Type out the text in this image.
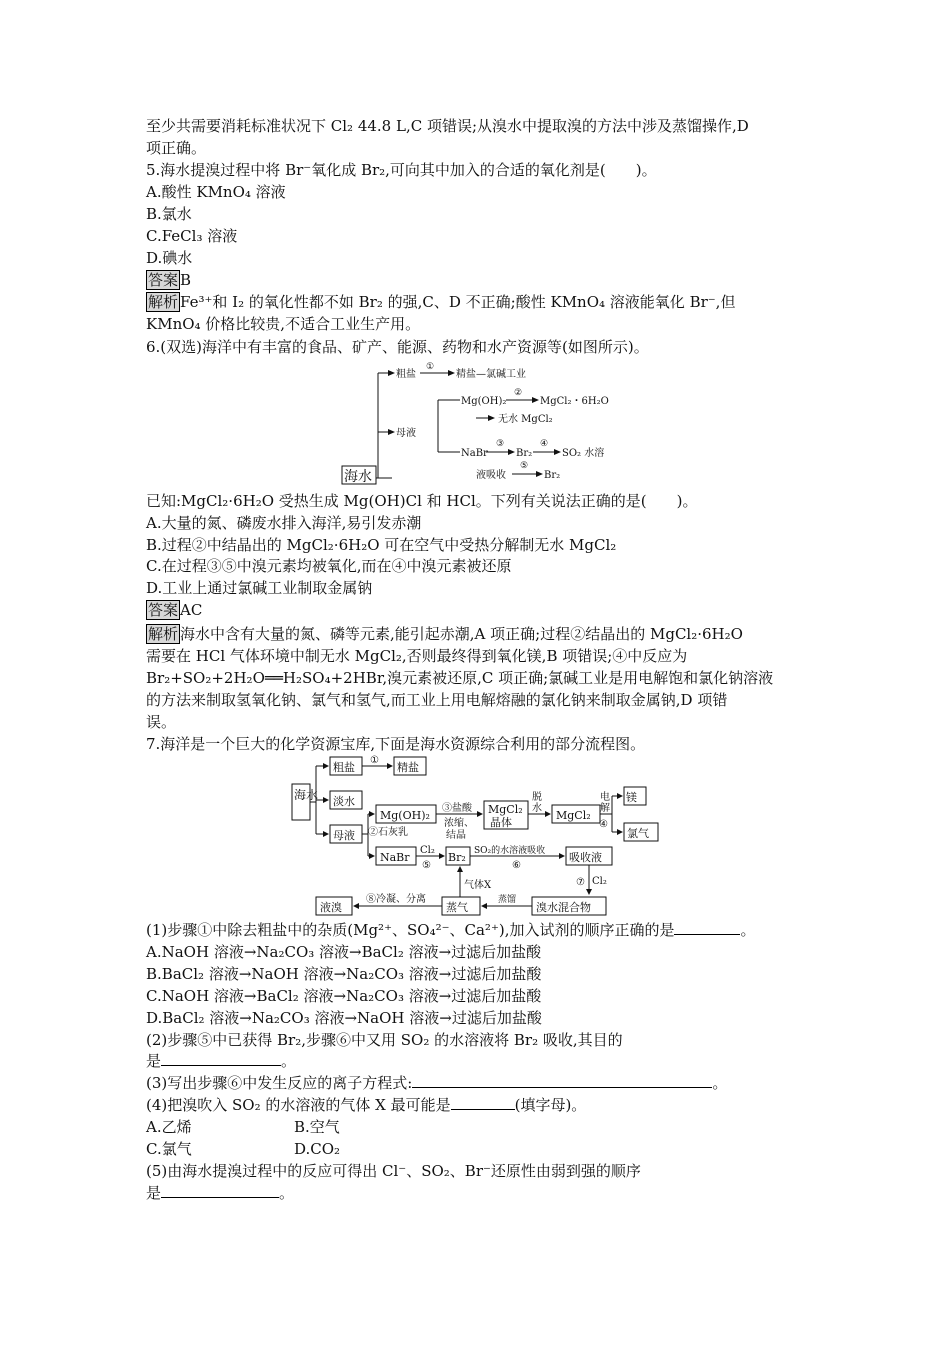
至少共需要消耗标准状况下 Cl₂ 44.8 L,C 项错误;从溴水中提取溴的方法中涉及蒸馏操作,D
项正确。
5.海水提溴过程中将 Br⁻氧化成 Br₂,可向其中加入的合适的氧化剂是(　　)。
A.酸性 KMnO₄ 溶液
B.氯水
C.FeCl₃ 溶液
D.碘水
答案 B
解析 Fe³⁺和 I₂ 的氧化性都不如 Br₂ 的强,C、D 不正确;酸性 KMnO₄ 溶液能氧化 Br⁻,但
KMnO₄ 价格比较贵,不适合工业生产用。
6.(双选)海洋中有丰富的食品、矿产、能源、药物和水产资源等(如图所示)。
粗盐
①
精盐—氯碱工业
母液
Mg(OH)₂
②
MgCl₂・6H₂O
无水 MgCl₂
NaBr
③
Br₂
④
SO₂ 水溶
液吸收
⑤
Br₂
海水
已知:MgCl₂·6H₂O 受热生成 Mg(OH)Cl 和 HCl。下列有关说法正确的是(　　)。
A.大量的氮、磷废水排入海洋,易引发赤潮
B.过程②中结晶出的 MgCl₂·6H₂O 可在空气中受热分解制无水 MgCl₂
C.在过程③⑤中溴元素均被氧化,而在④中溴元素被还原
D.工业上通过氯碱工业制取金属钠
答案 AC
解析 海水中含有大量的氮、磷等元素,能引起赤潮,A 项正确;过程②结晶出的 MgCl₂·6H₂O
需要在 HCl 气体环境中制无水 MgCl₂,否则最终得到氧化镁,B 项错误;④中反应为
Br₂+SO₂+2H₂O══H₂SO₄+2HBr,溴元素被还原,C 项正确;氯碱工业是用电解饱和氯化钠溶液
的方法来制取氢氧化钠、氯气和氢气,而工业上用电解熔融的氯化钠来制取金属钠,D 项错
误。
7.海洋是一个巨大的化学资源宝库,下面是海水资源综合利用的部分流程图。
海水
粗盐
①
精盐
淡水
母液
Mg(OH)₂
②石灰乳
③盐酸
浓缩、
结晶
MgCl₂
晶体
脱
水
MgCl₂
电
解
④
镁
氯气
NaBr
Cl₂
⑤
Br₂ SO₂的水溶液吸收
⑥
吸收液
⑦ Cl₂
溴水混合物
蒸馏
蒸气
气体X
⑧冷凝、分离
液溴
(1)步骤①中除去粗盐中的杂质(Mg²⁺、SO₄²⁻、Ca²⁺),加入试剂的顺序正确的是	。
A.NaOH 溶液→Na₂CO₃ 溶液→BaCl₂ 溶液→过滤后加盐酸
B.BaCl₂ 溶液→NaOH 溶液→Na₂CO₃ 溶液→过滤后加盐酸
C.NaOH 溶液→BaCl₂ 溶液→Na₂CO₃ 溶液→过滤后加盐酸
D.BaCl₂ 溶液→Na₂CO₃ 溶液→NaOH 溶液→过滤后加盐酸
(2)步骤⑤中已获得 Br₂,步骤⑥中又用 SO₂ 的水溶液将 Br₂ 吸收,其目的
是	。
(3)写出步骤⑥中发生反应的离子方程式:	。
(4)把溴吹入 SO₂ 的水溶液的气体 X 最可能是	(填字母)。
A.乙烯	B.空气
C.氯气	D.CO₂
(5)由海水提溴过程中的反应可得出 Cl⁻、SO₂、Br⁻还原性由弱到强的顺序
是	。
